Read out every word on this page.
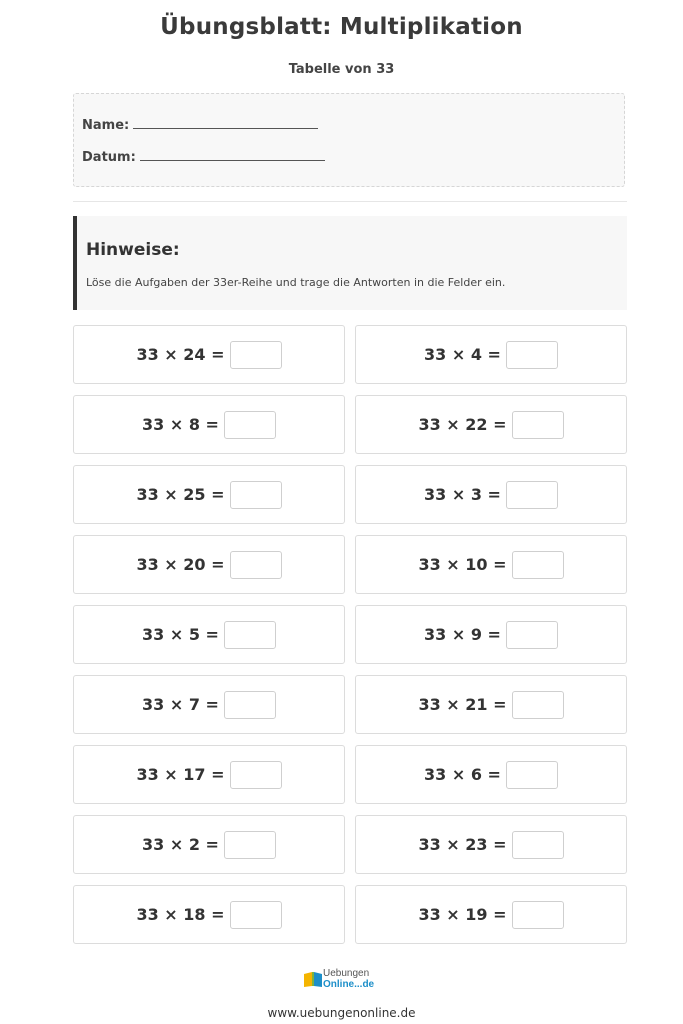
Übungsblatt: Multiplikation
Tabelle von 33
Name:
Datum:
Hinweise:
Löse die Aufgaben der 33er-Reihe und trage die Antworten in die Felder ein.
33 × 24 =	33 × 4 =
33 × 8 =	33 × 22 =
33 × 25 =	33 × 3 =
33 × 20 =	33 × 10 =
33 × 5 =	33 × 9 =
33 × 7 =	33 × 21 =
33 × 17 =	33 × 6 =
33 × 2 =	33 × 23 =
33 × 18 =	33 × 19 =
Uebungen
Online...de
www.uebungenonline.de
